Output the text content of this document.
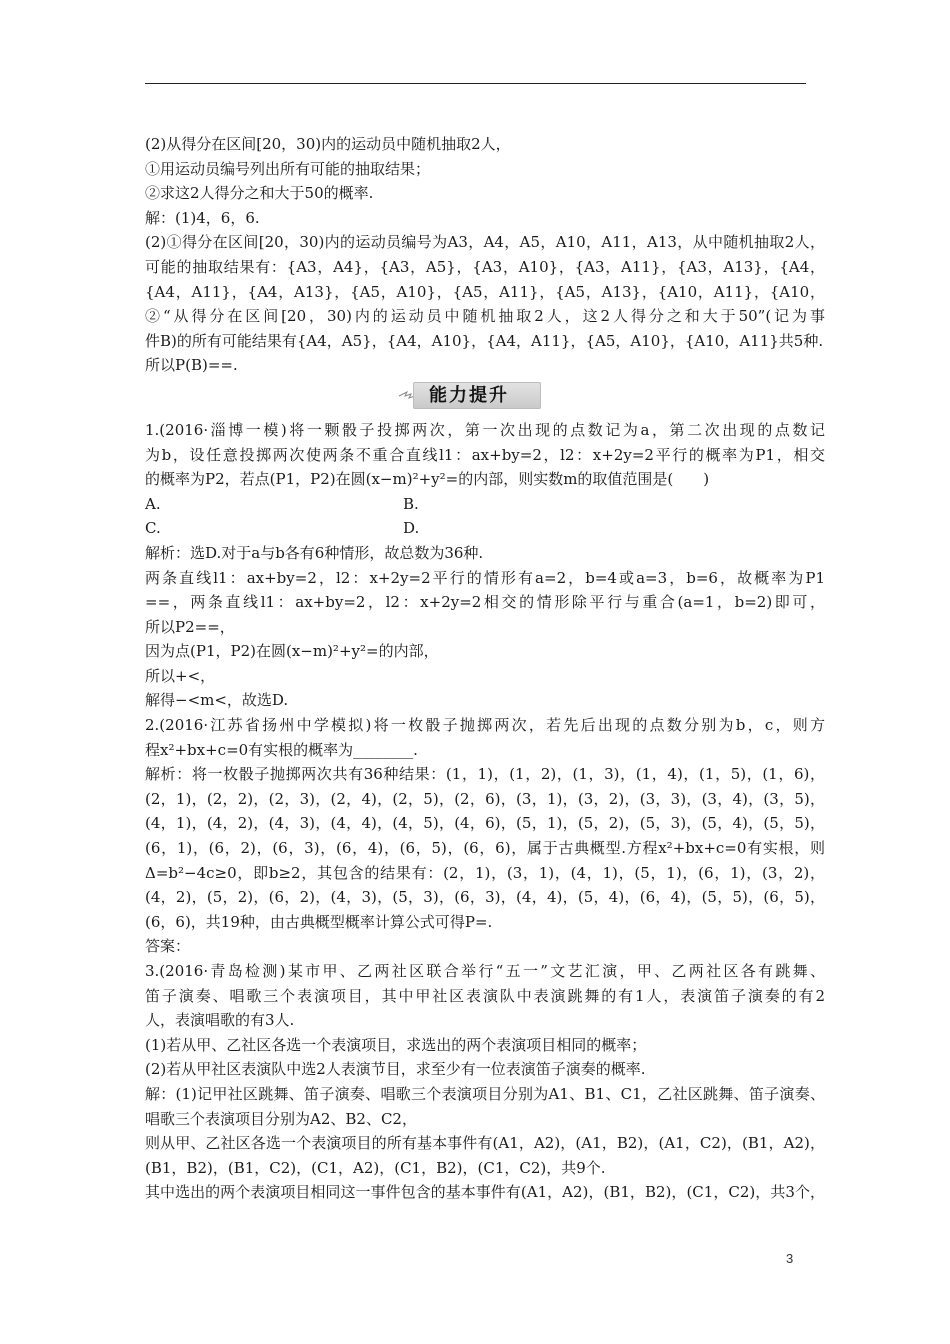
(2)从得分在区间[20，30)内的运动员中随机抽取2人，
①用运动员编号列出所有可能的抽取结果；
②求这2人得分之和大于50的概率.
解：(1)4，6，6.
(2)①得分在区间[20，30)内的运动员编号为A3，A4，A5，A10，A11，A13，从中随机抽取2人，
可能的抽取结果有：{A3，A4}，{A3，A5}，{A3，A10}，{A3，A11}，{A3，A13}，{A4，
{A4，A11}，{A4，A13}，{A5，A10}，{A5，A11}，{A5，A13}，{A10，A11}，{A10，
②“从得分在区间[20，30)内的运动员中随机抽取2人，这2人得分之和大于50”(记为事
件B)的所有可能结果有{A4，A5}，{A4，A10}，{A4，A11}，{A5，A10}，{A10，A11}共5种.
所以P(B)==.
能力提升
1.(2016·淄博一模)将一颗骰子投掷两次，第一次出现的点数记为a，第二次出现的点数记
为b，设任意投掷两次使两条不重合直线l1：ax+by=2，l2：x+2y=2平行的概率为P1，相交
的概率为P2，若点(P1，P2)在圆(x−m)²+y²=的内部，则实数m的取值范围是(　　)
A.	B.
C.	D.
解析：选D.对于a与b各有6种情形，故总数为36种.
两条直线l1：ax+by=2，l2：x+2y=2平行的情形有a=2，b=4或a=3，b=6，故概率为P1
==，两条直线l1：ax+by=2，l2：x+2y=2相交的情形除平行与重合(a=1，b=2)即可，
所以P2==，
因为点(P1，P2)在圆(x−m)²+y²=的内部，
所以+<，
解得−<m<，故选D.
2.(2016·江苏省扬州中学模拟)将一枚骰子抛掷两次，若先后出现的点数分别为b，c，则方
程x²+bx+c=0有实根的概率为________.
解析：将一枚骰子抛掷两次共有36种结果：(1，1)，(1，2)，(1，3)，(1，4)，(1，5)，(1，6)，
(2，1)，(2，2)，(2，3)，(2，4)，(2，5)，(2，6)，(3，1)，(3，2)，(3，3)，(3，4)，(3，5)，
(4，1)，(4，2)，(4，3)，(4，4)，(4，5)，(4，6)，(5，1)，(5，2)，(5，3)，(5，4)，(5，5)，
(6，1)，(6，2)，(6，3)，(6，4)，(6，5)，(6，6)，属于古典概型.方程x²+bx+c=0有实根，则
Δ=b²−4c≥0，即b≥2，其包含的结果有：(2，1)，(3，1)，(4，1)，(5，1)，(6，1)，(3，2)，
(4，2)，(5，2)，(6，2)，(4，3)，(5，3)，(6，3)，(4，4)，(5，4)，(6，4)，(5，5)，(6，5)，
(6，6)，共19种，由古典概型概率计算公式可得P=.
答案：
3.(2016·青岛检测)某市甲、乙两社区联合举行“五一”文艺汇演，甲、乙两社区各有跳舞、
笛子演奏、唱歌三个表演项目，其中甲社区表演队中表演跳舞的有1人，表演笛子演奏的有2
人，表演唱歌的有3人.
(1)若从甲、乙社区各选一个表演项目，求选出的两个表演项目相同的概率；
(2)若从甲社区表演队中选2人表演节目，求至少有一位表演笛子演奏的概率.
解：(1)记甲社区跳舞、笛子演奏、唱歌三个表演项目分别为A1、B1、C1，乙社区跳舞、笛子演奏、
唱歌三个表演项目分别为A2、B2、C2，
则从甲、乙社区各选一个表演项目的所有基本事件有(A1，A2)，(A1，B2)，(A1，C2)，(B1，A2)，
(B1，B2)，(B1，C2)，(C1，A2)，(C1，B2)，(C1，C2)，共9个.
其中选出的两个表演项目相同这一事件包含的基本事件有(A1，A2)，(B1，B2)，(C1，C2)，共3个，
3
